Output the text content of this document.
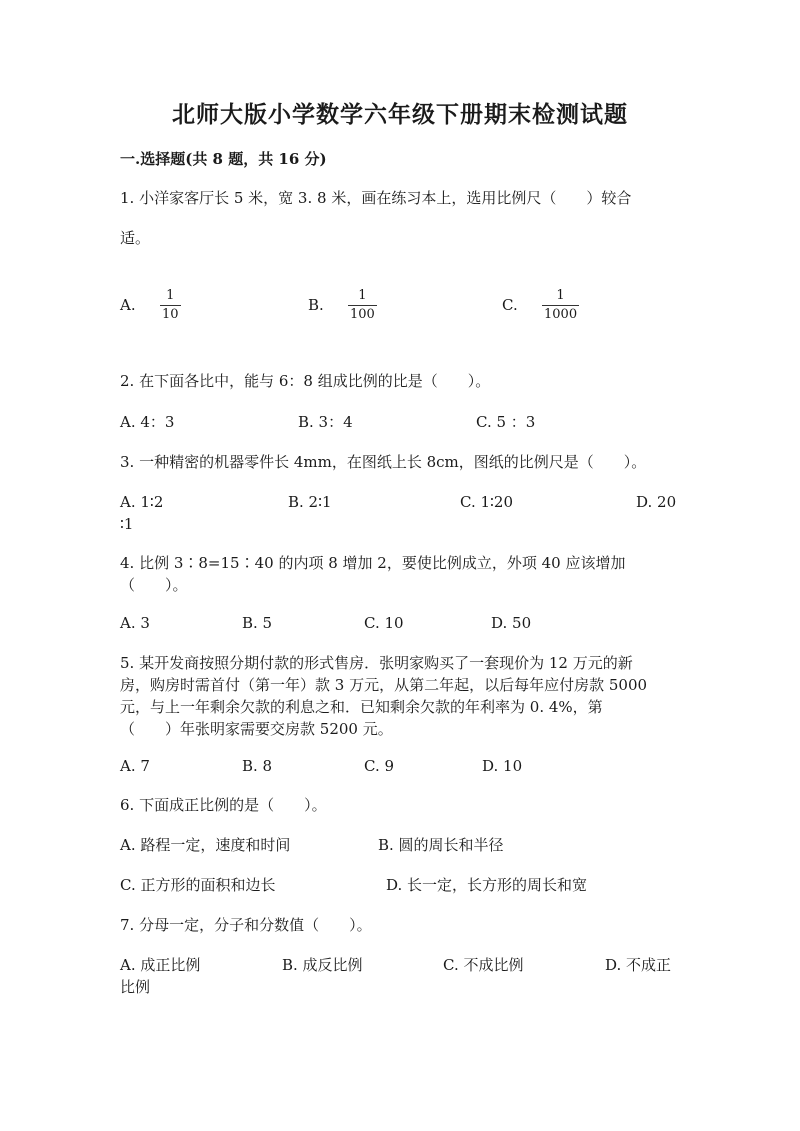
北师大版小学数学六年级下册期末检测试题
一.选择题(共 8 题，共 16 分)
1. 小洋家客厅长 5 米，宽 3. 8 米，画在练习本上，选用比例尺（　　）较合
适。
A.
1
10
B.
1
100
C.
1
1000
2. 在下面各比中，能与 6：8 组成比例的比是（　　）。
A. 4：3	B. 3：4	C. 5 ：3
3. 一种精密的机器零件长 4mm，在图纸上长 8cm，图纸的比例尺是（　　）。
A. 1∶2	B. 2∶1	C. 1∶20	D. 20
∶1
4. 比例 3∶8=15∶40 的内项 8 增加 2，要使比例成立，外项 40 应该增加
（　　）。
A. 3	B. 5	C. 10	D. 50
5. 某开发商按照分期付款的形式售房．张明家购买了一套现价为 12 万元的新
房，购房时需首付（第一年）款 3 万元，从第二年起，以后每年应付房款 5000
元，与上一年剩余欠款的利息之和．已知剩余欠款的年利率为 0. 4%，第
（　　）年张明家需要交房款 5200 元。
A. 7	B. 8	C. 9	D. 10
6. 下面成正比例的是（　　）。
A. 路程一定，速度和时间	B. 圆的周长和半径
C. 正方形的面积和边长	D. 长一定，长方形的周长和宽
7. 分母一定，分子和分数值（　　）。
A. 成正比例	B. 成反比例	C. 不成比例	D. 不成正
比例
